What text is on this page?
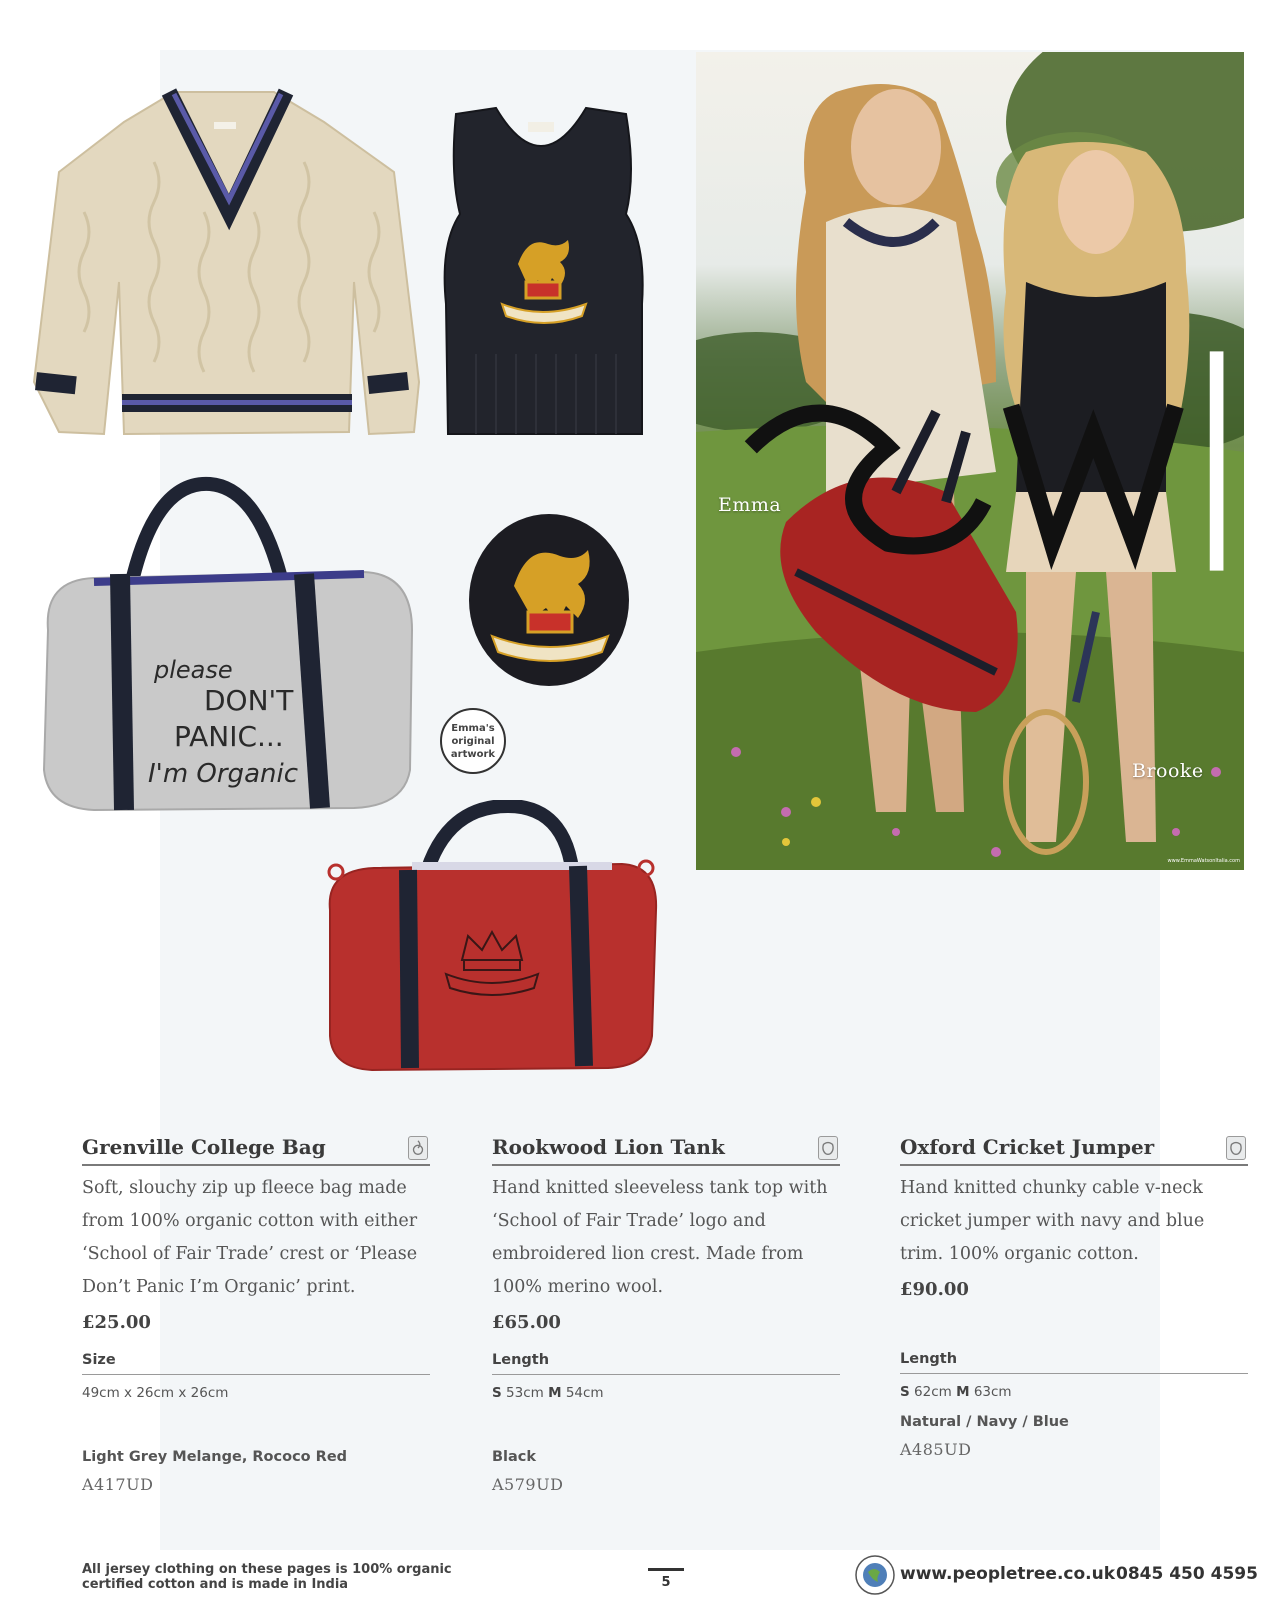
please
DON'T
PANIC...
I'm Organic
Emma's
original
artwork
Emma
Brooke
www.EmmaWatsonItalia.com
Grenville College Bag
Soft, slouchy zip up fleece bag made from 100% organic cotton with either ‘School of Fair Trade’ crest or ‘Please Don’t Panic I’m Organic’ print.
£25.00
Size
49cm x 26cm x 26cm
Light Grey Melange, Rococo Red
A417UD
Rookwood Lion Tank
Hand knitted sleeveless tank top with ‘School of Fair Trade’ logo and embroidered lion crest. Made from 100% merino wool.
£65.00
Length
S 53cm M 54cm
Black
A579UD
Oxford Cricket Jumper
Hand knitted chunky cable v-neck cricket jumper with navy and blue trim. 100% organic cotton.
£90.00
Length
S 62cm M 63cm
Natural / Navy / Blue
A485UD
All jersey clothing on these pages is 100% organic certified cotton and is made in India	5	www.peopletree.co.uk 0845 450 4595
